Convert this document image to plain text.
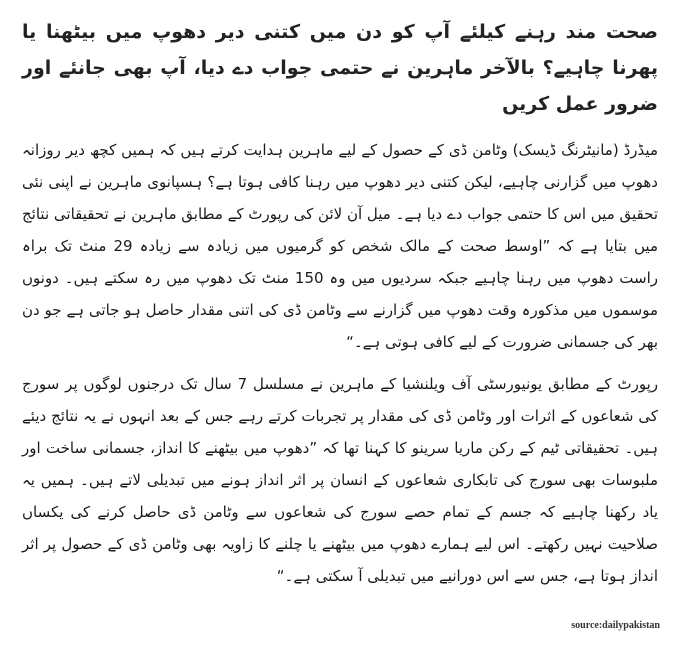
صحت مند رہنے کیلئے آپ کو دن میں کتنی دیر دھوپ میں بیٹھنا یا پھرنا چاہیے؟ بالآخر ماہرین نے حتمی جواب دے دیا، آپ بھی جانئے اور ضرور عمل کریں

میڈرڈ (مانیٹرنگ ڈیسک) وٹامن ڈی کے حصول کے لیے ماہرین ہدایت کرتے ہیں کہ ہمیں کچھ دیر روزانہ دھوپ میں گزارنی چاہیے، لیکن کتنی دیر دھوپ میں رہنا کافی ہوتا ہے؟ ہسپانوی ماہرین نے اپنی نئی تحقیق میں اس کا حتمی جواب دے دیا ہے۔ میل آن لائن کی رپورٹ کے مطابق ماہرین نے تحقیقاتی نتائج میں بتایا ہے کہ ”اوسط صحت کے مالک شخص کو گرمیوں میں زیادہ سے زیادہ 29 منٹ تک براہ راست دھوپ میں رہنا چاہیے جبکہ سردیوں میں وہ 150 منٹ تک دھوپ میں رہ سکتے ہیں۔ دونوں موسموں میں مذکورہ وقت دھوپ میں گزارنے سے وٹامن ڈی کی اتنی مقدار حاصل ہو جاتی ہے جو دن بھر کی جسمانی ضرورت کے لیے کافی ہوتی ہے۔“

رپورٹ کے مطابق یونیورسٹی آف ویلنشیا کے ماہرین نے مسلسل 7 سال تک درجنوں لوگوں پر سورج کی شعاعوں کے اثرات اور وٹامن ڈی کی مقدار پر تجربات کرتے رہے جس کے بعد انہوں نے یہ نتائج دیئے ہیں۔ تحقیقاتی ٹیم کے رکن ماریا سرینو کا کہنا تھا کہ ”دھوپ میں بیٹھنے کا انداز، جسمانی ساخت اور ملبوسات بھی سورج کی تابکاری شعاعوں کے انسان پر اثر انداز ہونے میں تبدیلی لاتے ہیں۔ ہمیں یہ یاد رکھنا چاہیے کہ جسم کے تمام حصے سورج کی شعاعوں سے وٹامن ڈی حاصل کرنے کی یکساں صلاحیت نہیں رکھتے۔ اس لیے ہمارے دھوپ میں بیٹھنے یا چلنے کا زاویہ بھی وٹامن ڈی کے حصول پر اثر انداز ہوتا ہے، جس سے اس دورانیے میں تبدیلی آ سکتی ہے۔“

source:dailypakistan
